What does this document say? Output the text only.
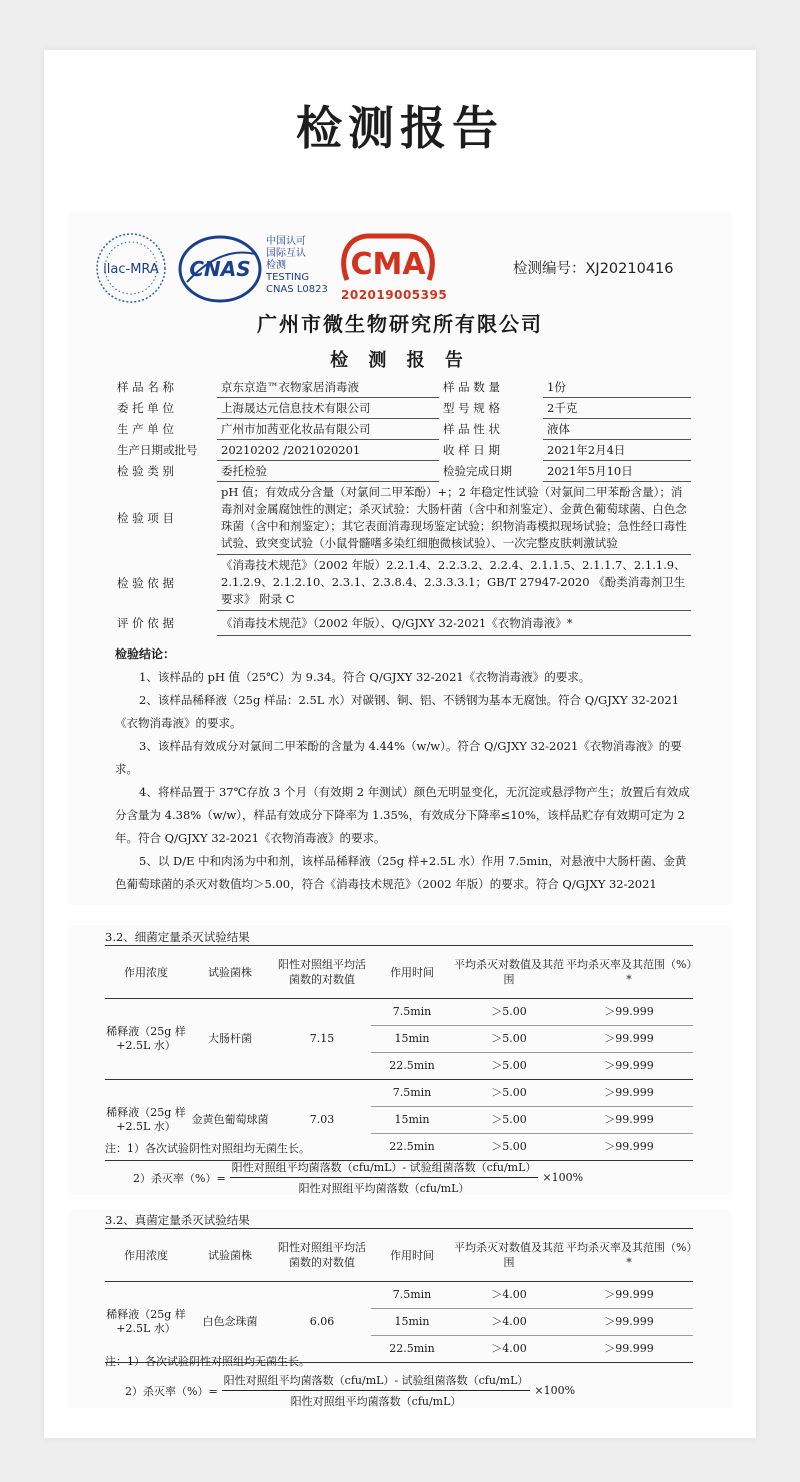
检测报告
ilac-MRA CNAS
中国认可
国际互认
检测
TESTING
CNAS L0823
CMA
202019005395
检测编号：XJ20210416
广州市微生物研究所有限公司
检 测 报 告
样 品 名 称	京东京造™衣物家居消毒液	样 品 数 量	1份
委 托 单 位	上海晟达元信息技术有限公司	型 号 规 格	2千克
生 产 单 位	广州市加茜亚化妆品有限公司	样 品 性 状	液体
生产日期或批号	20210202 /2021020201	收 样 日 期	2021年2月4日
检 验 类 别	委托检验	检验完成日期	2021年5月10日
检 验 项 目	pH 值；有效成分含量（对氯间二甲苯酚）+；2 年稳定性试验（对氯间二甲苯酚含量）；消毒剂对金属腐蚀性的测定；杀灭试验：大肠杆菌（含中和剂鉴定）、金黄色葡萄球菌、白色念珠菌（含中和剂鉴定）；其它表面消毒现场鉴定试验；织物消毒模拟现场试验；急性经口毒性试验、致突变试验（小鼠骨髓嗜多染红细胞微核试验）、一次完整皮肤刺激试验		
检 验 依 据	《消毒技术规范》（2002 年版）2.2.1.4、2.2.3.2、2.2.4、2.1.1.5、2.1.1.7、2.1.1.9、2.1.2.9、2.1.2.10、2.3.1、2.3.8.4、2.3.3.3.1；GB/T 27947-2020 《酚类消毒剂卫生要求》 附录 C		
评 价 依 据	《消毒技术规范》（2002 年版）、Q/GJXY 32-2021《衣物消毒液》*		
检验结论：

1、该样品的 pH 值（25℃）为 9.34。符合 Q/GJXY 32-2021《衣物消毒液》的要求。

2、该样品稀释液（25g 样品：2.5L 水）对碳钢、铜、铝、不锈钢为基本无腐蚀。符合 Q/GJXY 32-2021《衣物消毒液》的要求。

3、该样品有效成分对氯间二甲苯酚的含量为 4.44%（w/w）。符合 Q/GJXY 32-2021《衣物消毒液》的要求。

4、将样品置于 37℃存放 3 个月（有效期 2 年测试）颜色无明显变化，无沉淀或悬浮物产生；放置后有效成分含量为 4.38%（w/w），样品有效成分下降率为 1.35%，有效成分下降率≤10%，该样品贮存有效期可定为 2 年。符合 Q/GJXY 32-2021《衣物消毒液》的要求。

5、以 D/E 中和肉汤为中和剂，该样品稀释液（25g 样+2.5L 水）作用 7.5min，对悬液中大肠杆菌、金黄色葡萄球菌的杀灭对数值均＞5.00，符合《消毒技术规范》（2002 年版）的要求。符合 Q/GJXY 32-2021

3.2、细菌定量杀灭试验结果
作用浓度	试验菌株	阳性对照组平均活菌数的对数值	作用时间	平均杀灭对数值及其范围	平均杀灭率及其范围（%）*
稀释液（25g 样+2.5L 水）	大肠杆菌	7.15	7.5min	＞5.00	＞99.999
			15min	＞5.00	＞99.999
			22.5min	＞5.00	＞99.999
稀释液（25g 样+2.5L 水）	金黄色葡萄球菌	7.03	7.5min	＞5.00	＞99.999
			15min	＞5.00	＞99.999
			22.5min	＞5.00	＞99.999
注：1）各次试验阴性对照组均无菌生长。
2）杀灭率（%）= $\frac{\text{阳性对照组平均菌落数（cfu/mL）- 试验组菌落数（cfu/mL）}}{\text{阳性对照组平均菌落数（cfu/mL）}} \times 100\%$
3.2、真菌定量杀灭试验结果
作用浓度	试验菌株	阳性对照组平均活菌数的对数值	作用时间	平均杀灭对数值及其范围	平均杀灭率及其范围（%）*
稀释液（25g 样+2.5L 水）	白色念珠菌	6.06	7.5min	＞4.00	＞99.999
			15min	＞4.00	＞99.999
			22.5min	＞4.00	＞99.999
注：1）各次试验阴性对照组均无菌生长。
2）杀灭率（%）= $\frac{\text{阳性对照组平均菌落数（cfu/mL）- 试验组菌落数（cfu/mL）}}{\text{阳性对照组平均菌落数（cfu/mL）}} \times 100\%$
